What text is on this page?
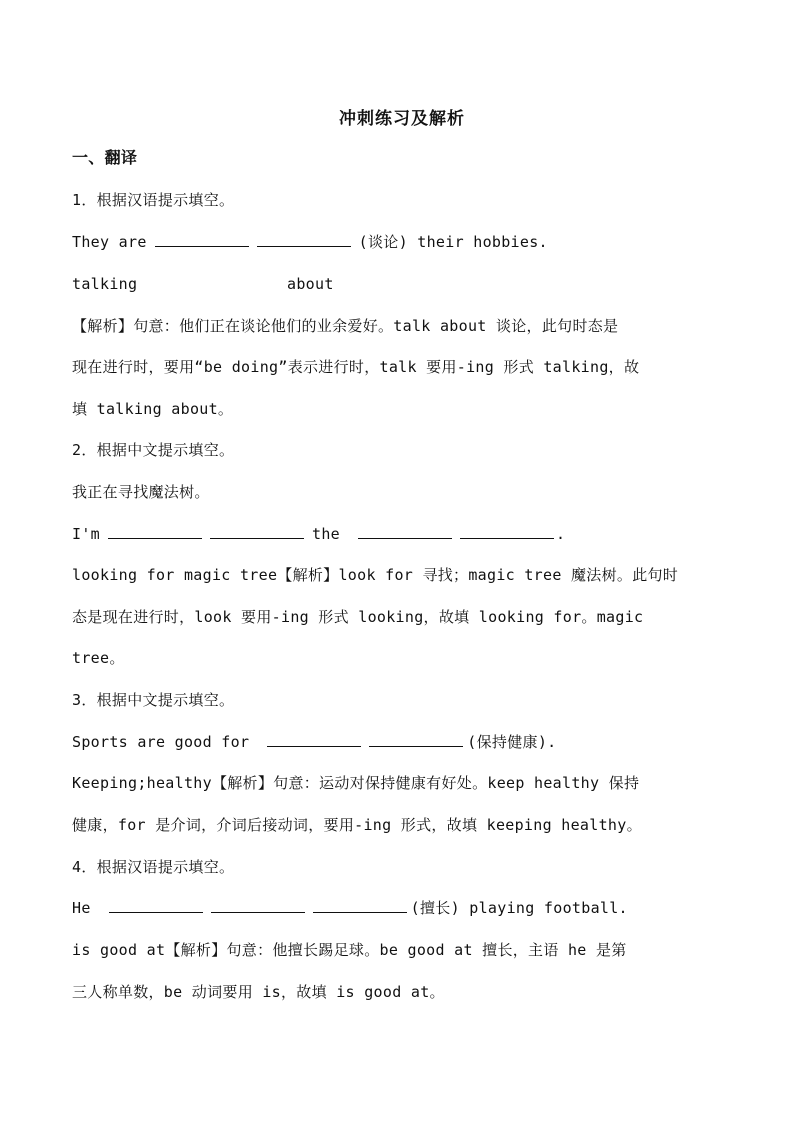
冲刺练习及解析
一、翻译
1．根据汉语提示填空。
They are	(谈论) their hobbies.
talking	about
【解析】句意：他们正在谈论他们的业余爱好。talk about 谈论，此句时态是
现在进行时，要用“be doing”表示进行时，talk 要用-ing 形式 talking，故
填 talking about。
2．根据中文提示填空。
我正在寻找魔法树。
I'm	the	.
looking for magic tree【解析】look for 寻找；magic tree 魔法树。此句时
态是现在进行时，look 要用-ing 形式 looking，故填 looking for。magic
tree。
3．根据中文提示填空。
Sports are good for	(保持健康).
Keeping;healthy【解析】句意：运动对保持健康有好处。keep healthy 保持
健康，for 是介词，介词后接动词，要用-ing 形式，故填 keeping healthy。
4．根据汉语提示填空。
He	(擅长) playing football.
is good at【解析】句意：他擅长踢足球。be good at 擅长，主语 he 是第
三人称单数，be 动词要用 is，故填 is good at。
